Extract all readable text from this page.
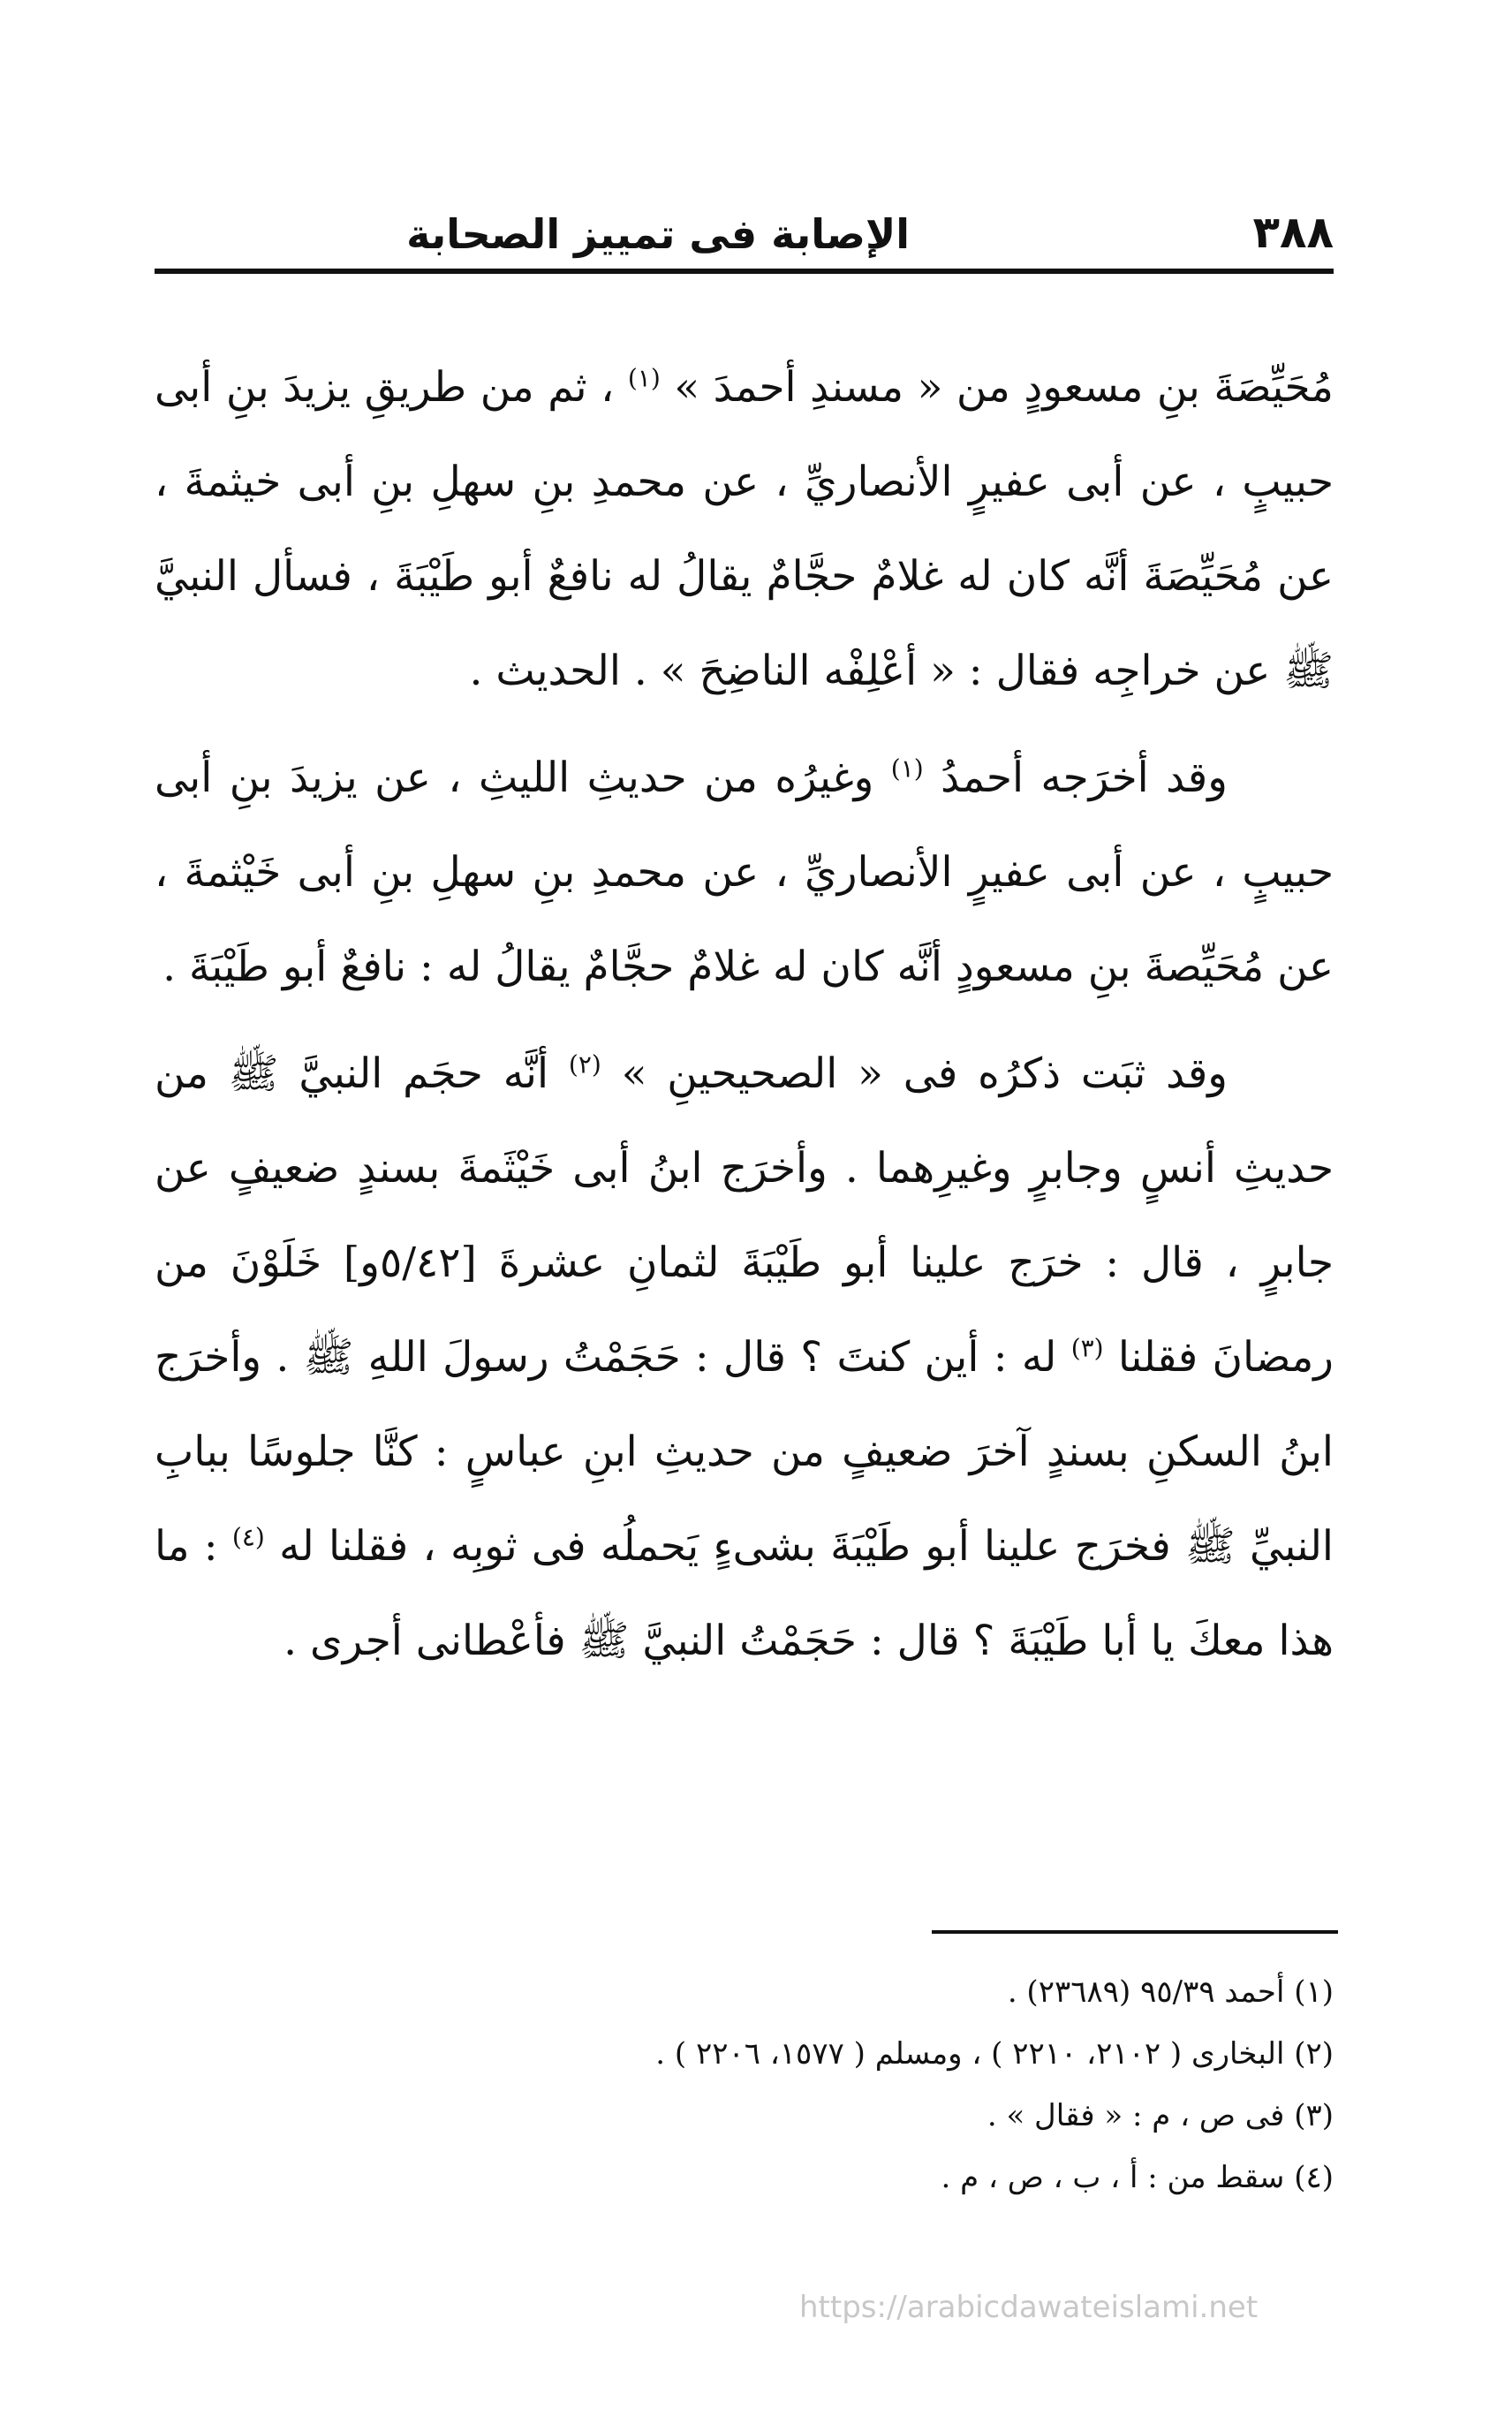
٣٨٨
الإصابة فى تمييز الصحابة

مُحَيِّصَةَ بنِ مسعودٍ من « مسندِ أحمدَ » $^{(١)}$ ، ثم من طريقِ يزيدَ بنِ أبى حبيبٍ ، عن أبى عفيرٍ الأنصاريِّ ، عن محمدِ بنِ سهلِ بنِ أبى خيثمةَ ، عن مُحَيِّصَةَ أنَّه كان له غلامٌ حجَّامٌ يقالُ له نافعٌ أبو طَيْبَةَ ، فسأل النبيَّ ﷺ عن خراجِه فقال : « أعْلِفْه الناضِحَ » . الحديث .

وقد أخرَجه أحمدُ $^{(١)}$ وغيرُه من حديثِ الليثِ ، عن يزيدَ بنِ أبى حبيبٍ ، عن أبى عفيرٍ الأنصاريِّ ، عن محمدِ بنِ سهلِ بنِ أبى خَيْثمةَ ، عن مُحَيِّصةَ بنِ مسعودٍ أنَّه كان له غلامٌ حجَّامٌ يقالُ له : نافعٌ أبو طَيْبَةَ .

وقد ثبَت ذكرُه فى « الصحيحينِ » $^{(٢)}$ أنَّه حجَم النبيَّ ﷺ من حديثِ أنسٍ وجابرٍ وغيرِهما . وأخرَج ابنُ أبى خَيْثَمةَ بسندٍ ضعيفٍ عن جابرٍ ، قال : خرَج علينا أبو طَيْبَةَ لثمانِ عشرةَ [٥/٤٢و] خَلَوْنَ من رمضانَ فقلنا $^{(٣)}$ له : أين كنتَ ؟ قال : حَجَمْتُ رسولَ اللهِ ﷺ . وأخرَج ابنُ السكنِ بسندٍ آخرَ ضعيفٍ من حديثِ ابنِ عباسٍ : كنَّا جلوسًا ببابِ النبيِّ ﷺ فخرَج علينا أبو طَيْبَةَ بشىءٍ يَحملُه فى ثوبِه ، فقلنا له $^{(٤)}$ : ما هذا معكَ يا أبا طَيْبَةَ ؟ قال : حَجَمْتُ النبيَّ ﷺ فأعْطانى أجرى .

(١) أحمد ٩٥/٣٩ (٢٣٦٨٩) .

(٢) البخارى ( ٢١٠٢، ٢٢١٠ ) ، ومسلم ( ١٥٧٧، ٢٢٠٦ ) .

(٣) فى ص ، م : « فقال » .

(٤) سقط من : أ ، ب ، ص ، م .

https://arabicdawateislami.net
